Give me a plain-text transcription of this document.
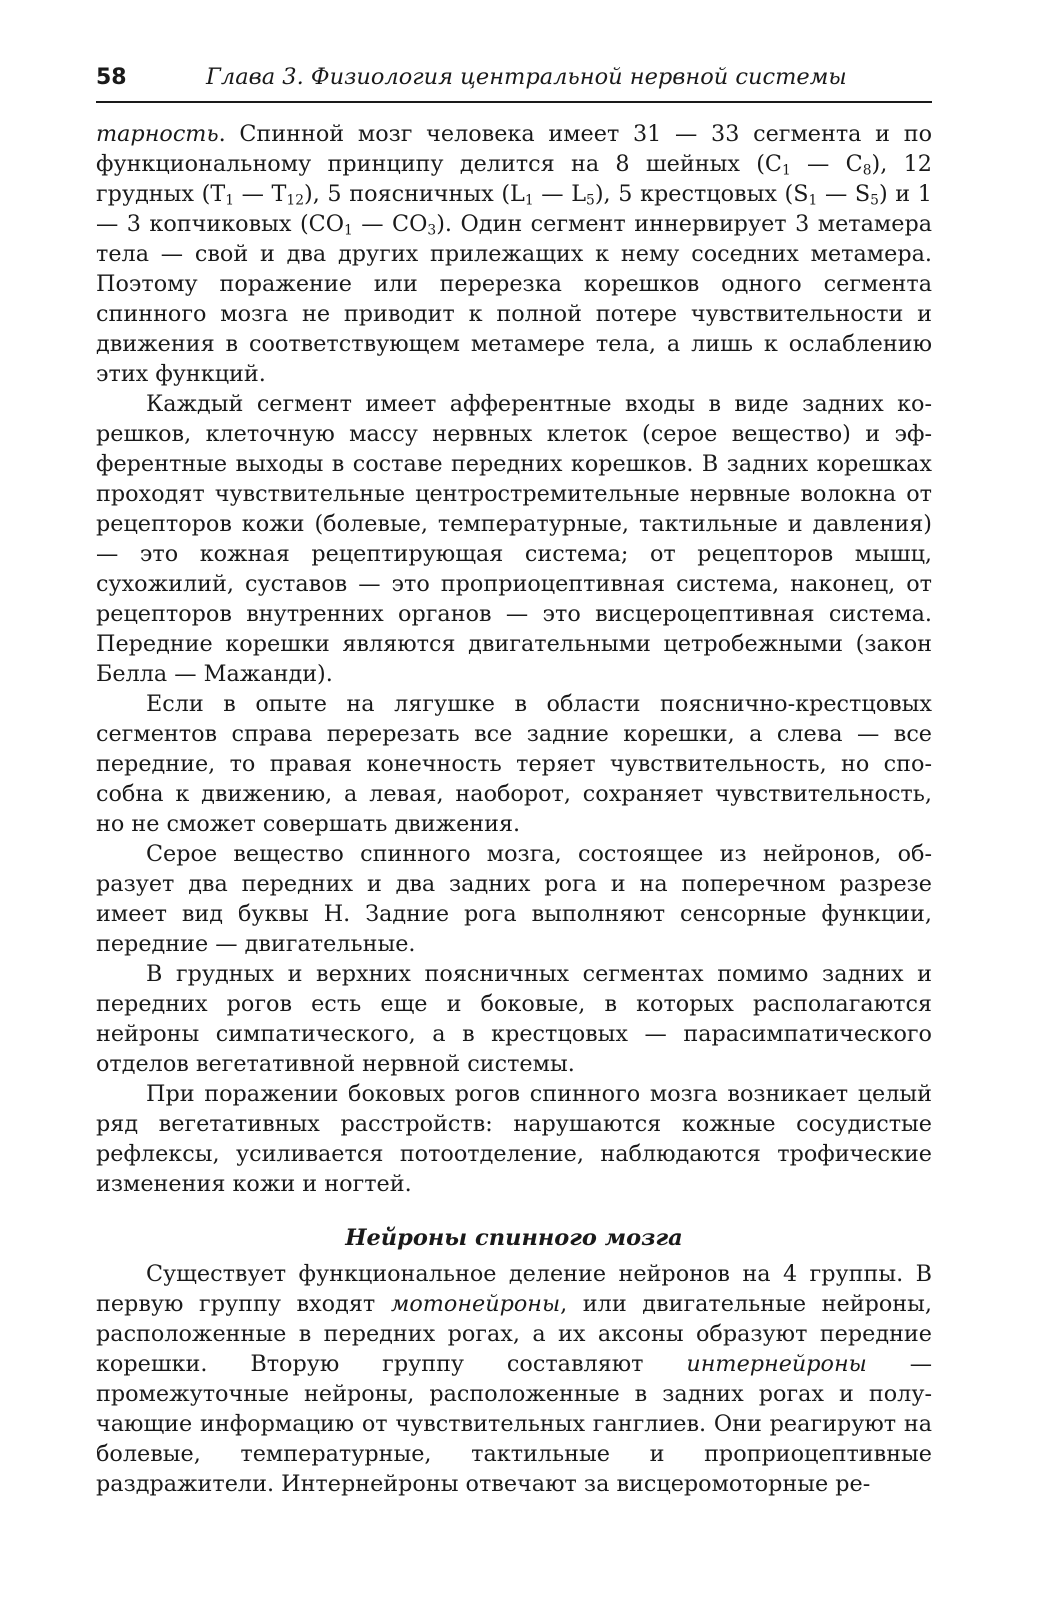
58	Глава 3. Физиология центральной нервной системы

тарность. Спинной мозг человека имеет 31 — 33 сегмента и по функциональному принципу делится на 8 шейных ($C_1$ — $C_8$), 12 грудных ($T_1$ — $T_{12}$), 5 поясничных ($L_1$ — $L_5$), 5 крестцовых ($S_1$ — $S_5$) и 1 — 3 копчиковых ($CO_1$ — $CO_3$). Один сегмент иннервирует 3 метамера тела — свой и два других прилежащих к нему соседних метамера. Поэтому поражение или перерезка корешков одного сегмента спинного мозга не приводит к полной потере чувствительности и движения в соответствующем метамере тела, а лишь к ослаблению этих функций.

Каждый сегмент имеет афферентные входы в виде задних корешков, клеточную массу нервных клеток (серое вещество) и эфферентные выходы в составе передних корешков. В задних корешках проходят чувствительные центростремительные нервные волокна от рецепторов кожи (болевые, температурные, тактильные и давления) — это кожная рецептирующая система; от рецепторов мышц, сухожилий, суставов — это проприоцептивная система, наконец, от рецепторов внутренних органов — это висцероцептивная система. Передние корешки являются двигательными цетробежными (закон Белла — Мажанди).

Если в опыте на лягушке в области пояснично-крестцовых сегментов справа перерезать все задние корешки, а слева — все передние, то правая конечность теряет чувствительность, но способна к движению, а левая, наоборот, сохраняет чувствительность, но не сможет совершать движения.

Серое вещество спинного мозга, состоящее из нейронов, образует два передних и два задних рога и на поперечном разрезе имеет вид буквы Н. Задние рога выполняют сенсорные функции, передние — двигательные.

В грудных и верхних поясничных сегментах помимо задних и передних рогов есть еще и боковые, в которых располагаются нейроны симпатического, а в крестцовых — парасимпатического отделов вегетативной нервной системы.

При поражении боковых рогов спинного мозга возникает целый ряд вегетативных расстройств: нарушаются кожные сосудистые рефлексы, усиливается потоотделение, наблюдаются трофические изменения кожи и ногтей.

Нейроны спинного мозга

Существует функциональное деление нейронов на 4 группы. В первую группу входят мотонейроны, или двигательные нейроны, расположенные в передних рогах, а их аксоны образуют передние корешки. Вторую группу составляют интернейроны — промежуточные нейроны, расположенные в задних рогах и получающие информацию от чувствительных ганглиев. Они реагируют на болевые, температурные, тактильные и проприоцептивные раздражители. Интернейроны отвечают за висцеромоторные ре-
